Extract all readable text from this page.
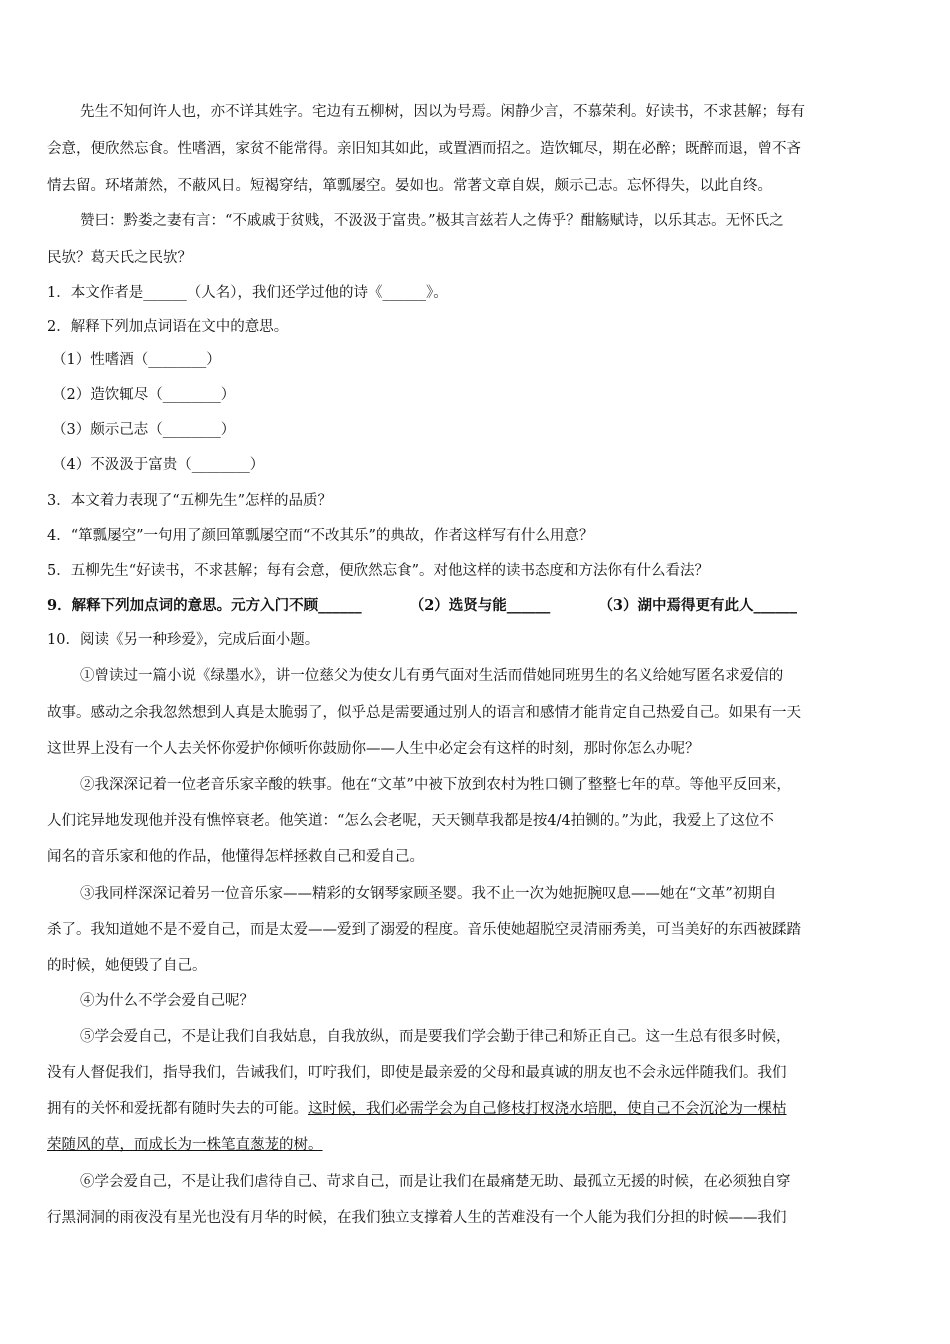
先生不知何许人也，亦不详其姓字。宅边有五柳树，因以为号焉。闲静少言，不慕荣利。好读书，不求甚解；每有
会意，便欣然忘食。性嗜酒，家贫不能常得。亲旧知其如此，或置酒而招之。造饮辄尽，期在必醉；既醉而退，曾不吝
情去留。环堵萧然，不蔽风日。短褐穿结，箪瓢屡空。晏如也。常著文章自娱，颇示己志。忘怀得失，以此自终。
赞曰：黔娄之妻有言：“不戚戚于贫贱，不汲汲于富贵。”极其言兹若人之俦乎？酣觞赋诗，以乐其志。无怀氏之
民欤？葛天氏之民欤？
1．本文作者是______（人名），我们还学过他的诗《______》。
2．解释下列加点词语在文中的意思。
（1）性嗜酒（________）
（2）造饮辄尽（________）
（3）颇示己志（________）
（4）不汲汲于富贵（________）
3．本文着力表现了“五柳先生”怎样的品质？
4．“箪瓢屡空”一句用了颜回箪瓢屡空而“不改其乐”的典故，作者这样写有什么用意？
5．五柳先生“好读书，不求甚解；每有会意，便欣然忘食”。对他这样的读书态度和方法你有什么看法？
9．解释下列加点词的意思。元方入门不顾______	（2）选贤与能______	（3）湖中焉得更有此人______
10．阅读《另一种珍爱》，完成后面小题。
①曾读过一篇小说《绿墨水》，讲一位慈父为使女儿有勇气面对生活而借她同班男生的名义给她写匿名求爱信的
故事。感动之余我忽然想到人真是太脆弱了，似乎总是需要通过别人的语言和感情才能肯定自己热爱自己。如果有一天
这世界上没有一个人去关怀你爱护你倾听你鼓励你——人生中必定会有这样的时刻，那时你怎么办呢？
②我深深记着一位老音乐家辛酸的轶事。他在“文革”中被下放到农村为牲口铡了整整七年的草。等他平反回来，
人们诧异地发现他并没有憔悴衰老。他笑道：“怎么会老呢，天天铡草我都是按4/4拍铡的。”为此，我爱上了这位不
闻名的音乐家和他的作品，他懂得怎样拯救自己和爱自己。
③我同样深深记着另一位音乐家——精彩的女钢琴家顾圣婴。我不止一次为她扼腕叹息——她在“文革”初期自
杀了。我知道她不是不爱自己，而是太爱——爱到了溺爱的程度。音乐使她超脱空灵清丽秀美，可当美好的东西被蹂踏
的时候，她便毁了自己。
④为什么不学会爱自己呢？
⑤学会爱自己，不是让我们自我姑息，自我放纵，而是要我们学会勤于律己和矫正自己。这一生总有很多时候，
没有人督促我们，指导我们，告诫我们，叮咛我们，即使是最亲爱的父母和最真诚的朋友也不会永远伴随我们。我们
拥有的关怀和爱抚都有随时失去的可能。这时候，我们必需学会为自己修枝打杈浇水培肥，使自己不会沉沦为一棵枯
荣随风的草，而成长为一株笔直葱茏的树。
⑥学会爱自己，不是让我们虐待自己、苛求自己，而是让我们在最痛楚无助、最孤立无援的时候，在必须独自穿
行黑洞洞的雨夜没有星光也没有月华的时候，在我们独立支撑着人生的苦难没有一个人能为我们分担的时候——我们
